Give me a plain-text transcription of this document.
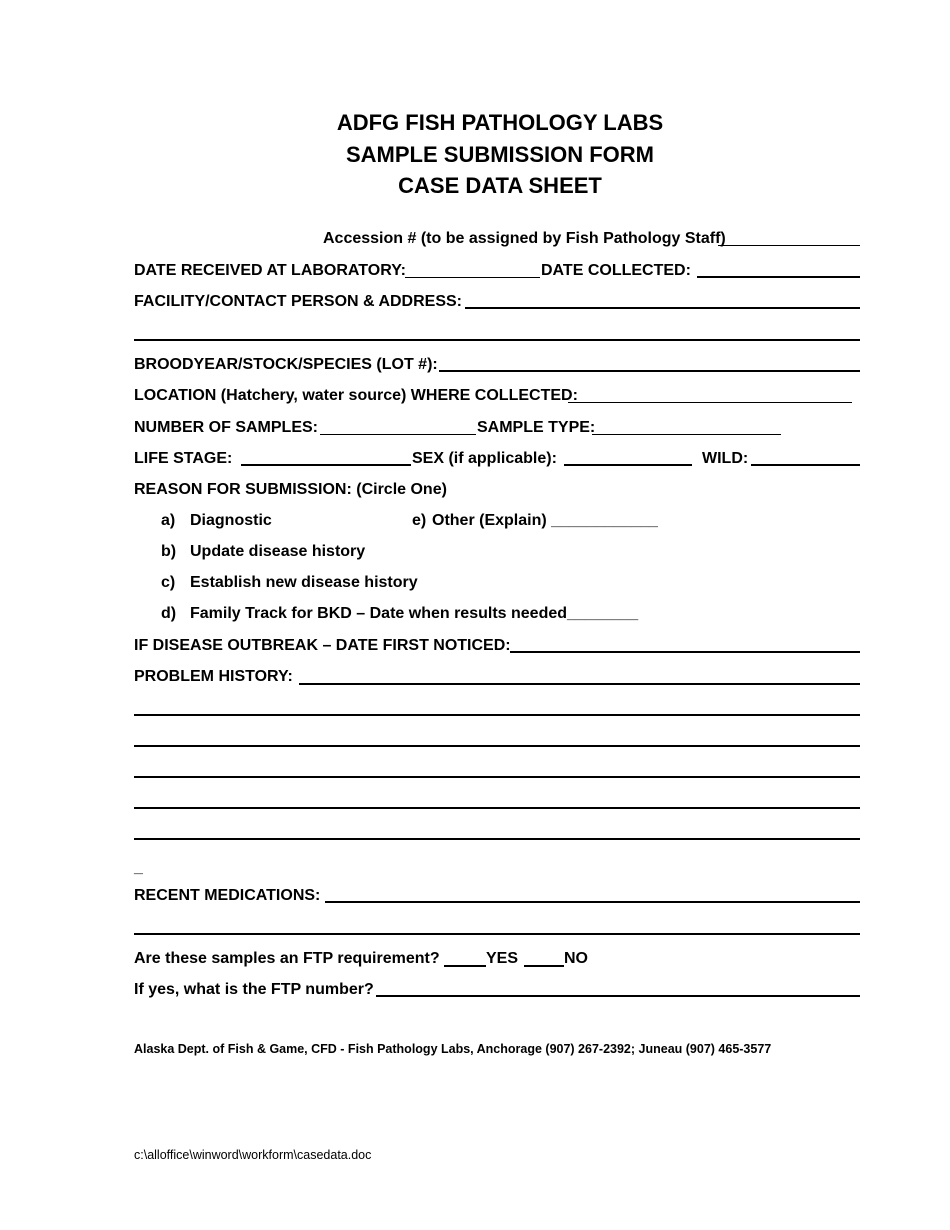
ADFG FISH PATHOLOGY LABS
SAMPLE SUBMISSION FORM
CASE DATA SHEET
Accession # (to be assigned by Fish Pathology Staff)
DATE RECEIVED AT LABORATORY:	DATE COLLECTED:
FACILITY/CONTACT PERSON & ADDRESS:
BROODYEAR/STOCK/SPECIES (LOT #):
LOCATION (Hatchery, water source) WHERE COLLECTED:
NUMBER OF SAMPLES:	SAMPLE TYPE:
LIFE STAGE:	SEX (if applicable):	WILD:
REASON FOR SUBMISSION: (Circle One)
a) Diagnostic	e) Other (Explain) ____________
b) Update disease history
c) Establish new disease history
d) Family Track for BKD – Date when results needed________
IF DISEASE OUTBREAK – DATE FIRST NOTICED:
PROBLEM HISTORY:
_
RECENT MEDICATIONS:
Are these samples an FTP requirement?	YES	NO
If yes, what is the FTP number?
Alaska Dept. of Fish & Game, CFD - Fish Pathology Labs, Anchorage (907) 267-2392; Juneau (907) 465-3577
c:\alloffice\winword\workform\casedata.doc
